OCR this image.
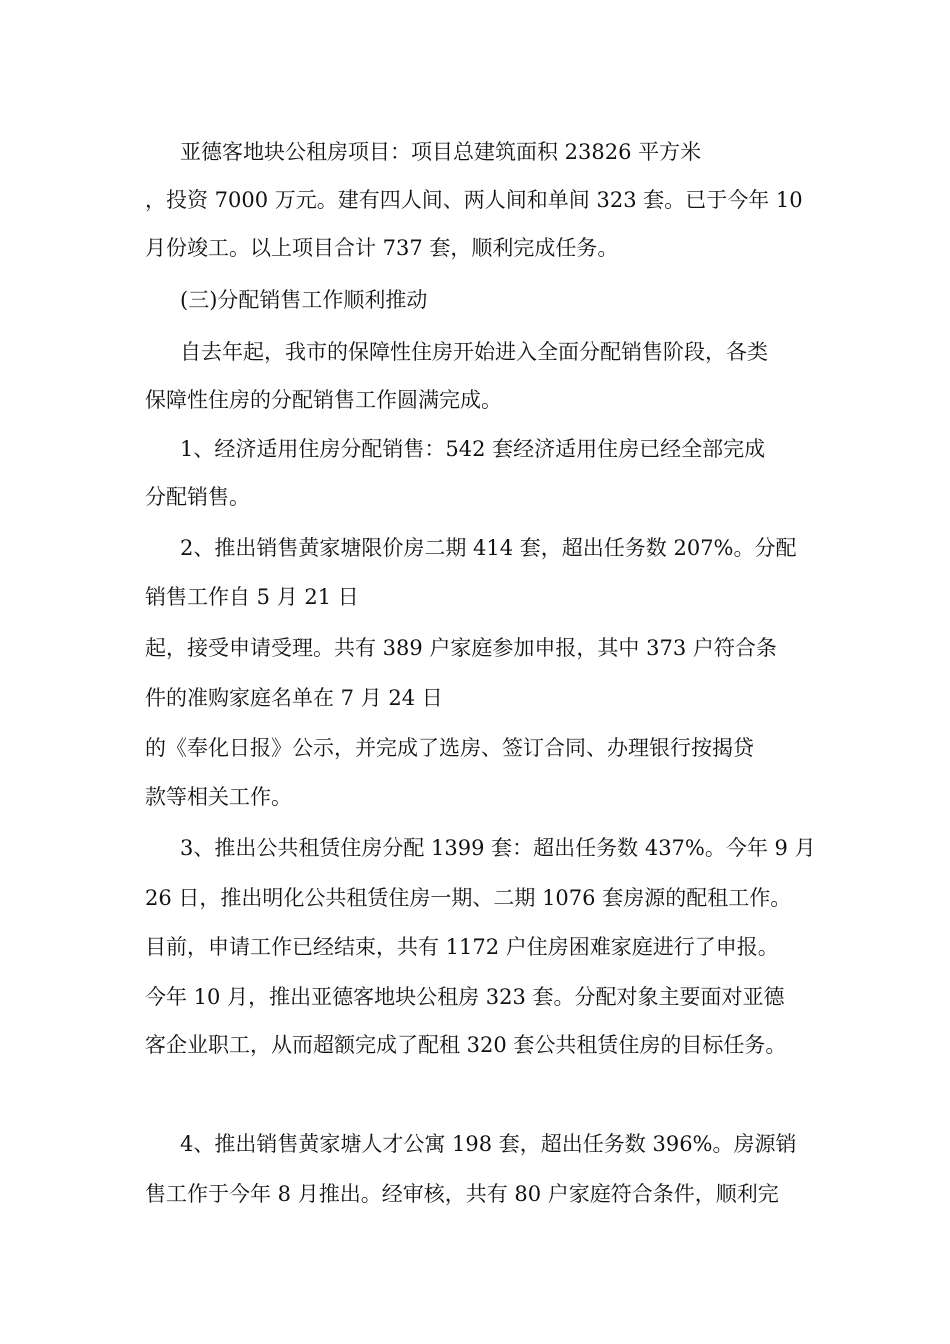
亚德客地块公租房项目：项目总建筑面积 23826 平方米
，投资 7000 万元。建有四人间、两人间和单间 323 套。已于今年 10
月份竣工。以上项目合计 737 套，顺利完成任务。
(三)分配销售工作顺利推动
自去年起，我市的保障性住房开始进入全面分配销售阶段，各类
保障性住房的分配销售工作圆满完成。
1、经济适用住房分配销售：542 套经济适用住房已经全部完成
分配销售。
2、推出销售黄家塘限价房二期 414 套，超出任务数 207%。分配
销售工作自 5 月 21 日
起，接受申请受理。共有 389 户家庭参加申报，其中 373 户符合条
件的准购家庭名单在 7 月 24 日
的《奉化日报》公示，并完成了选房、签订合同、办理银行按揭贷
款等相关工作。
3、推出公共租赁住房分配 1399 套：超出任务数 437%。今年 9 月
26 日，推出明化公共租赁住房一期、二期 1076 套房源的配租工作。
目前，申请工作已经结束，共有 1172 户住房困难家庭进行了申报。
今年 10 月，推出亚德客地块公租房 323 套。分配对象主要面对亚德
客企业职工，从而超额完成了配租 320 套公共租赁住房的目标任务。
4、推出销售黄家塘人才公寓 198 套，超出任务数 396%。房源销
售工作于今年 8 月推出。经审核，共有 80 户家庭符合条件，顺利完
